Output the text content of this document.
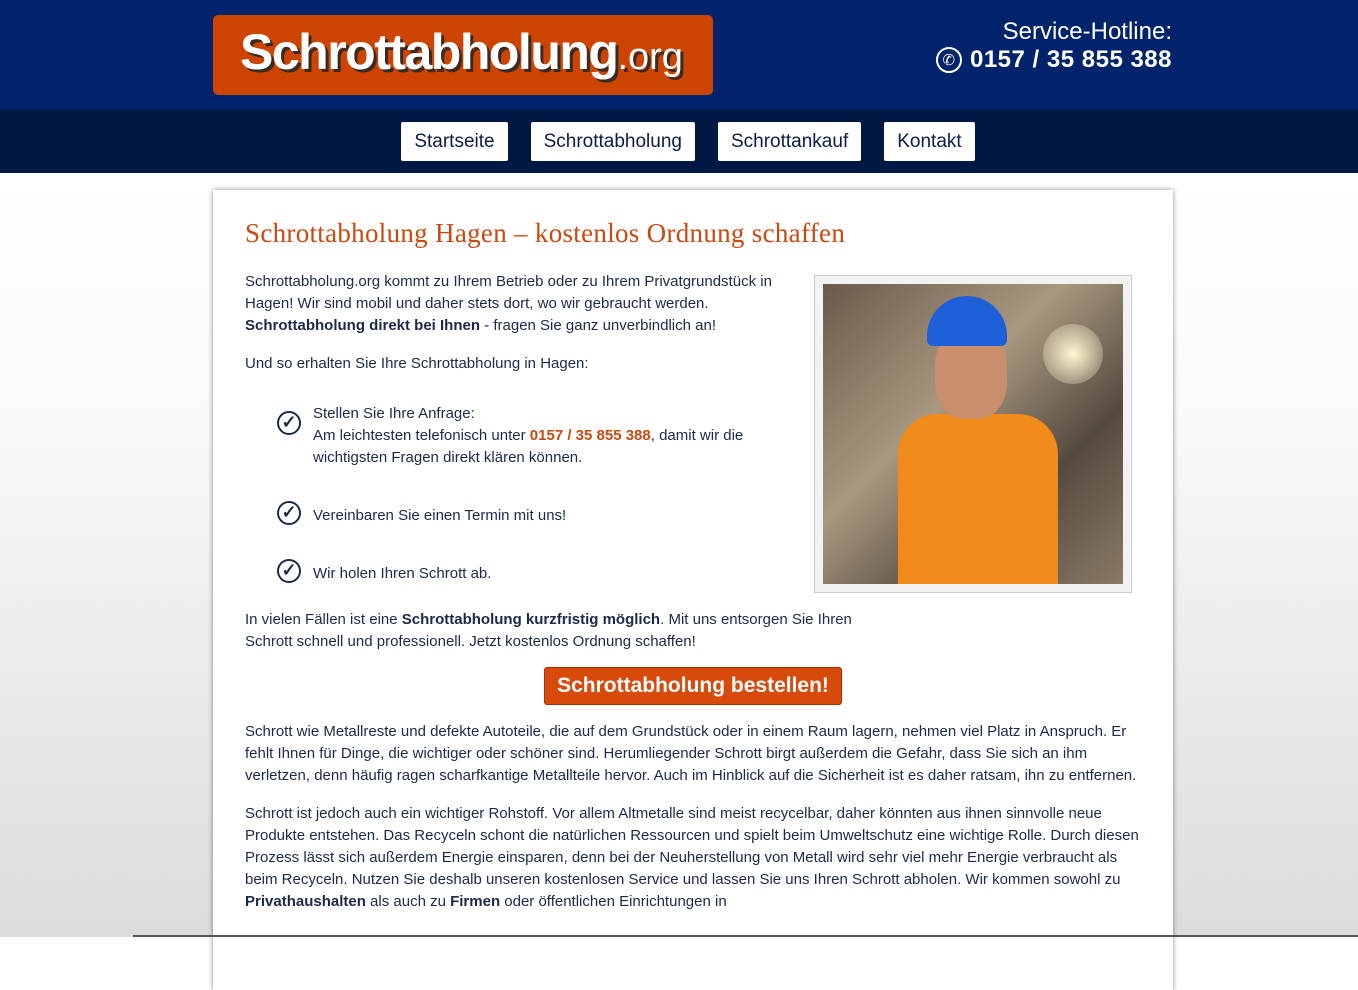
Schrottabholung.org
Service-Hotline:
✆ 0157 / 35 855 388
Startseite	Schrottabholung	Schrottankauf	Kontakt
Schrottabholung Hagen – kostenlos Ordnung schaffen

Schrottabholung.org kommt zu Ihrem Betrieb oder zu Ihrem Privatgrundstück in Hagen! Wir sind mobil und daher stets dort, wo wir gebraucht werden. Schrottabholung direkt bei Ihnen - fragen Sie ganz unverbindlich an!

Und so erhalten Sie Ihre Schrottabholung in Hagen:

✓ Stellen Sie Ihre Anfrage:
Am leichtesten telefonisch unter 0157 / 35 855 388, damit wir die wichtigsten Fragen direkt klären können.
✓ Vereinbaren Sie einen Termin mit uns!
✓ Wir holen Ihren Schrott ab.

In vielen Fällen ist eine Schrottabholung kurzfristig möglich. Mit uns entsorgen Sie Ihren Schrott schnell und professionell. Jetzt kostenlos Ordnung schaffen!

Schrottabholung bestellen!

Schrott wie Metallreste und defekte Autoteile, die auf dem Grundstück oder in einem Raum lagern, nehmen viel Platz in Anspruch. Er fehlt Ihnen für Dinge, die wichtiger oder schöner sind. Herumliegender Schrott birgt außerdem die Gefahr, dass Sie sich an ihm verletzen, denn häufig ragen scharfkantige Metallteile hervor. Auch im Hinblick auf die Sicherheit ist es daher ratsam, ihn zu entfernen.

Schrott ist jedoch auch ein wichtiger Rohstoff. Vor allem Altmetalle sind meist recycelbar, daher könnten aus ihnen sinnvolle neue Produkte entstehen. Das Recyceln schont die natürlichen Ressourcen und spielt beim Umweltschutz eine wichtige Rolle. Durch diesen Prozess lässt sich außerdem Energie einsparen, denn bei der Neuherstellung von Metall wird sehr viel mehr Energie verbraucht als beim Recyceln. Nutzen Sie deshalb unseren kostenlosen Service und lassen Sie uns Ihren Schrott abholen. Wir kommen sowohl zu Privathaushalten als auch zu Firmen oder öffentlichen Einrichtungen in
